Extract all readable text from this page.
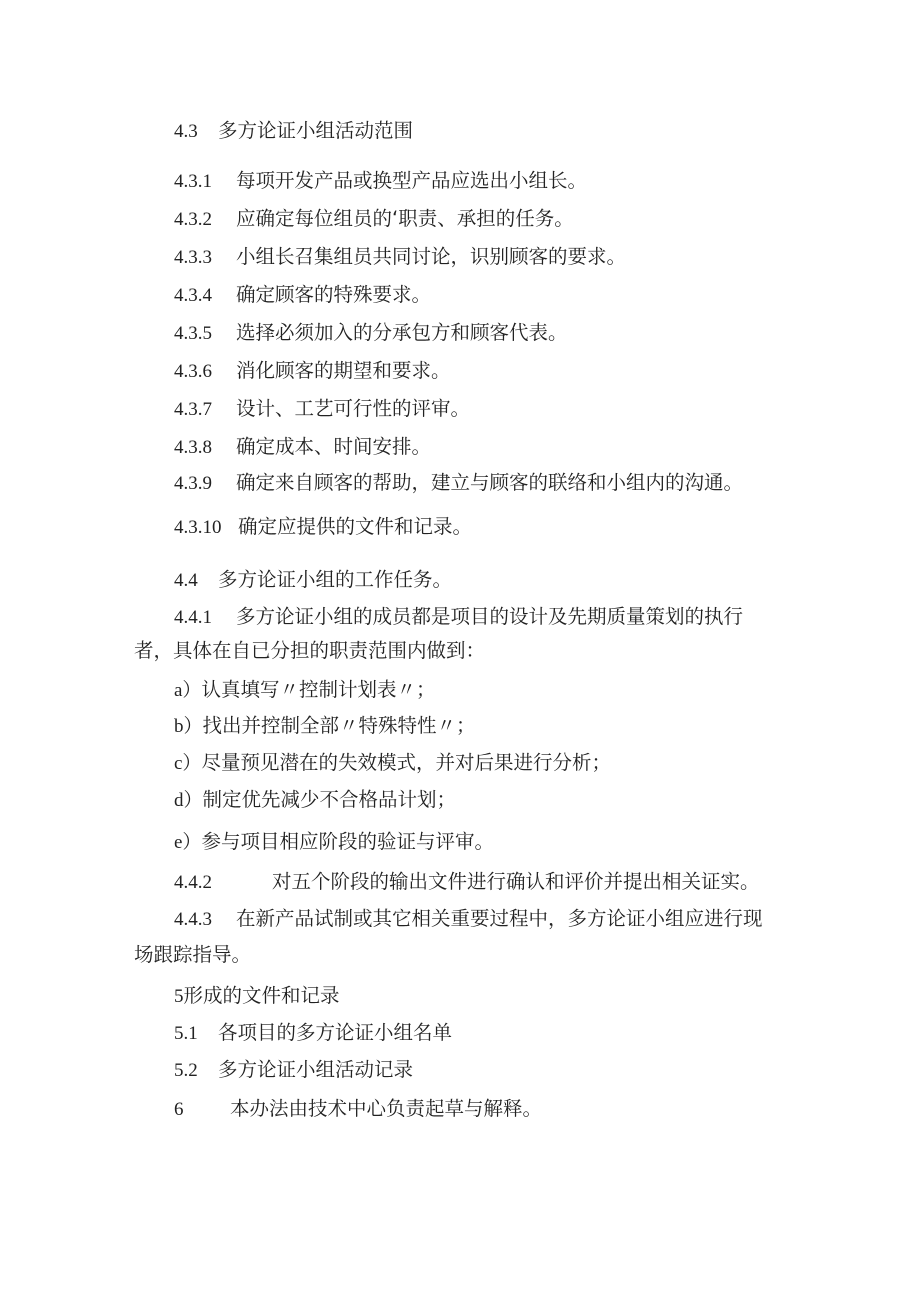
4.3 多方论证小组活动范围

4.3.1 每项开发产品或换型产品应选出小组长。

4.3.2 应确定每位组员的‘职责、承担的任务。

4.3.3 小组长召集组员共同讨论，识别顾客的要求。

4.3.4 确定顾客的特殊要求。

4.3.5 选择必须加入的分承包方和顾客代表。

4.3.6 消化顾客的期望和要求。

4.3.7 设计、工艺可行性的评审。

4.3.8 确定成本、时间安排。

4.3.9 确定来自顾客的帮助，建立与顾客的联络和小组内的沟通。

4.3.10 确定应提供的文件和记录。

4.4 多方论证小组的工作任务。

4.4.1 多方论证小组的成员都是项目的设计及先期质量策划的执行

者，具体在自已分担的职责范围内做到：

a）认真填写〃控制计划表〃；

b）找出并控制全部〃特殊特性〃；

c）尽量预见潜在的失效模式，并对后果进行分析；

d）制定优先减少不合格品计划；

e）参与项目相应阶段的验证与评审。

4.4.2	对五个阶段的输出文件进行确认和评价并提出相关证实。

4.4.3 在新产品试制或其它相关重要过程中，多方论证小组应进行现

场跟踪指导。

5形成的文件和记录

5.1 各项目的多方论证小组名单

5.2 多方论证小组活动记录

6 本办法由技术中心负责起草与解释。
